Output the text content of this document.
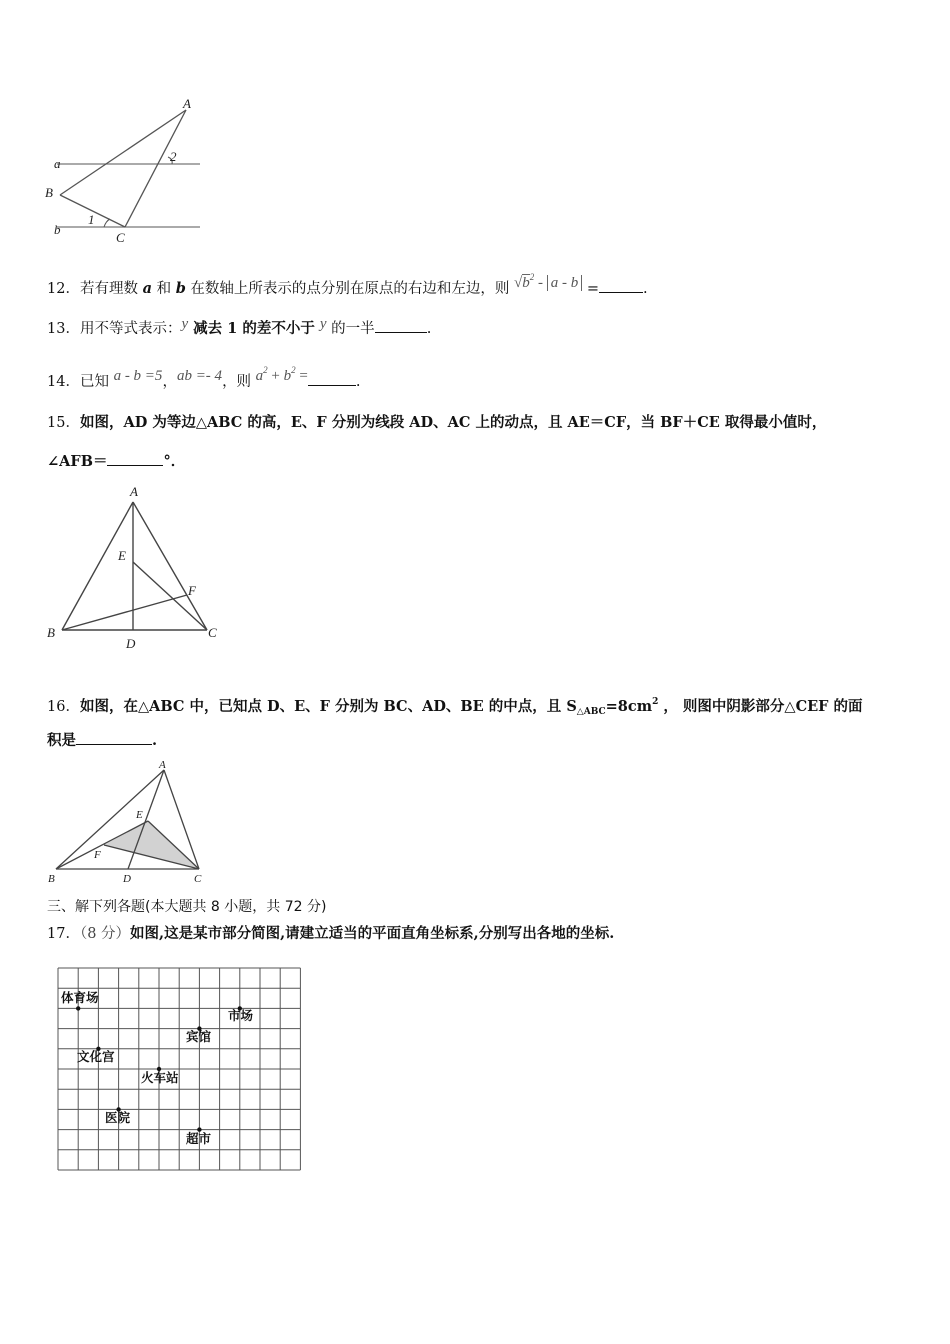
a
b
A
B
C
1
2
12．若有理数 a 和 b 在数轴上所表示的点分别在原点的右边和左边，则 $√b^2$ - a - b =	.
13．用不等式表示：y 减去 1 的差不小于 y 的一半	.
14．已知 a - b =5，ab =- 4，则 $a^2 + b^2$ =	.
15．如图，AD 为等边△ABC 的高，E、F 分别为线段 AD、AC 上的动点，且 AE＝CF，当 BF＋CE 取得最小值时，
∠AFB＝	°．
A
B	C
D
E
F
16．如图，在△ABC 中，已知点 D、E、F 分别为 BC、AD、BE 的中点，且 $S_{\triangle ABC}=8cm^2$ ， 则图中阴影部分△CEF 的面
积是	.
A
B	C
D
E
F
三、解下列各题(本大题共 8 小题，共 72 分)
17．（8 分）如图,这是某市部分简图,请建立适当的平面直角坐标系,分别写出各地的坐标.
体育场
市场
宾馆
文化宫
火车站
医院
超市
